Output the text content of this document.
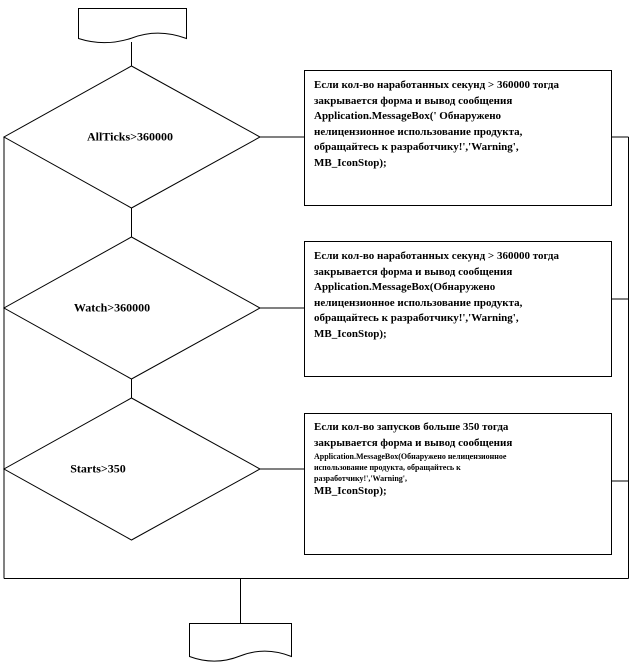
AllTicks>360000
Watch>360000
Starts>350
Если кол-во наработанных секунд > 360000 тогда
закрывается форма и вывод сообщения
Application.MessageBox(' Обнаружено
нелицензионное использование продукта,
обращайтесь к разработчику!','Warning',
MB_IconStop);
Если кол-во наработанных секунд > 360000 тогда
закрывается форма и вывод сообщения
Application.MessageBox(Обнаружено
нелицензионное использование продукта,
обращайтесь к разработчику!','Warning',
MB_IconStop);
Если кол-во запусков больше 350 тогда
закрывается форма и вывод сообщения
Application.MessageBox(Обнаружено нелицензионное
использование продукта, обращайтесь к
разработчику!','Warning',
MB_IconStop);
